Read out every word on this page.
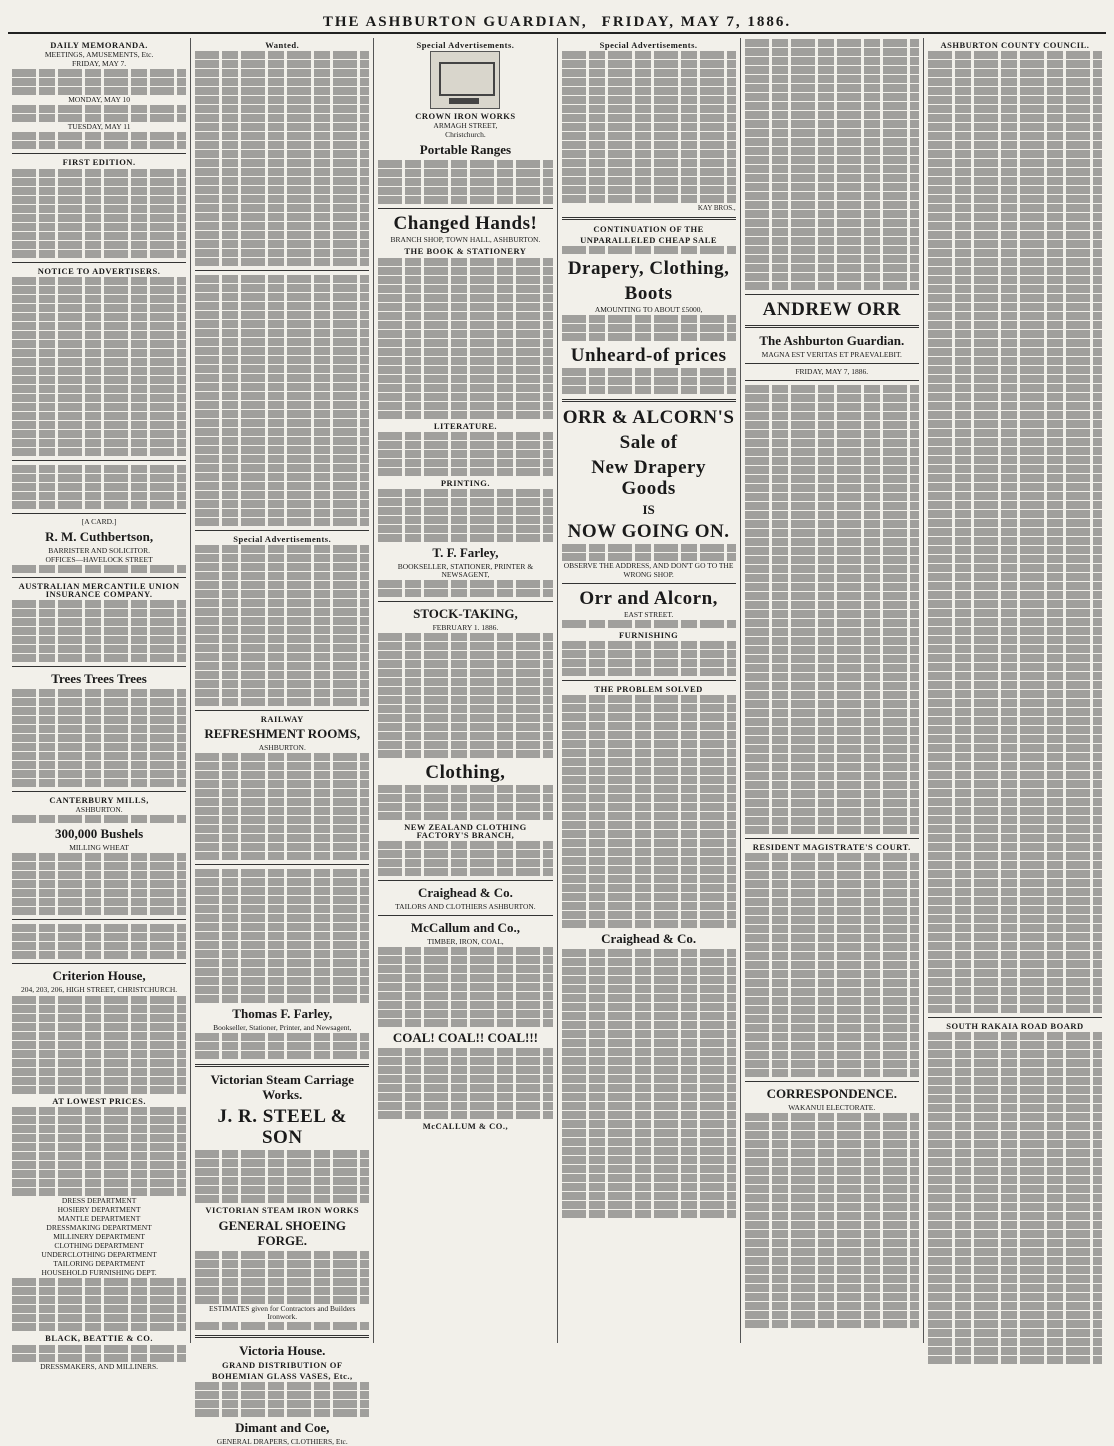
THE ASHBURTON GUARDIAN, FRIDAY, MAY 7, 1886.
DAILY MEMORANDA.
MEETINGS, AMUSEMENTS, Etc.
FRIDAY, MAY 7.
MONDAY, MAY 10
TUESDAY, MAY 11
FIRST EDITION.
NOTICE TO ADVERTISERS.
[A CARD.]
R. M. Cuthbertson,
BARRISTER AND SOLICITOR.
OFFICES—HAVELOCK STREET
AUSTRALIAN MERCANTILE UNION INSURANCE COMPANY.
Trees Trees Trees
CANTERBURY MILLS,
ASHBURTON.
300,000 Bushels
MILLING WHEAT
Criterion House,
204, 203, 206, HIGH STREET, CHRISTCHURCH.
AT LOWEST PRICES.
DRESS DEPARTMENT
HOSIERY DEPARTMENT
MANTLE DEPARTMENT
DRESSMAKING DEPARTMENT
MILLINERY DEPARTMENT
CLOTHING DEPARTMENT
UNDERCLOTHING DEPARTMENT
TAILORING DEPARTMENT
HOUSEHOLD FURNISHING DEPT.
BLACK, BEATTIE & CO.
DRESSMAKERS, AND MILLINERS.
Wanted.
Special Advertisements.
RAILWAY
REFRESHMENT ROOMS,
ASHBURTON.
Thomas F. Farley,
Bookseller, Stationer, Printer, and Newsagent,
Victorian Steam Carriage Works.
J. R. STEEL & SON
VICTORIAN STEAM IRON WORKS
GENERAL SHOEING FORGE.
ESTIMATES given for Contractors and Builders Ironwork.
Victoria House.
GRAND DISTRIBUTION OF
BOHEMIAN GLASS VASES, Etc.,
Dimant and Coe,
GENERAL DRAPERS, CLOTHIERS, Etc.
Special Advertisements.
CROWN IRON WORKS
ARMAGH STREET,
Christchurch.
Portable Ranges
Changed Hands!
BRANCH SHOP, TOWN HALL, ASHBURTON.
THE BOOK & STATIONERY
LITERATURE.
PRINTING.
T. F. Farley,
BOOKSELLER, STATIONER, PRINTER & NEWSAGENT,
STOCK-TAKING,
FEBRUARY 1. 1886.
Clothing,
NEW ZEALAND CLOTHING FACTORY'S BRANCH,
Craighead & Co.
TAILORS AND CLOTHIERS ASHBURTON.
McCallum and Co.,
TIMBER, IRON, COAL,
COAL! COAL!! COAL!!!
McCALLUM & CO.,
Special Advertisements.
KAY BROS.,
CONTINUATION OF THE
UNPARALLELED CHEAP SALE
Drapery, Clothing,
Boots
AMOUNTING TO ABOUT £5000,
Unheard-of prices
ORR & ALCORN'S
Sale of
New Drapery Goods
IS
NOW GOING ON.
OBSERVE THE ADDRESS, AND DON'T GO TO THE WRONG SHOP.
Orr and Alcorn,
EAST STREET.
FURNISHING
THE PROBLEM SOLVED
Craighead & Co.
ANDREW ORR
The Ashburton Guardian.
MAGNA EST VERITAS ET PRAEVALEBIT.
FRIDAY, MAY 7, 1886.
RESIDENT MAGISTRATE'S COURT.
CORRESPONDENCE.
WAKANUI ELECTORATE.
ASHBURTON COUNTY COUNCIL.
SOUTH RAKAIA ROAD BOARD
